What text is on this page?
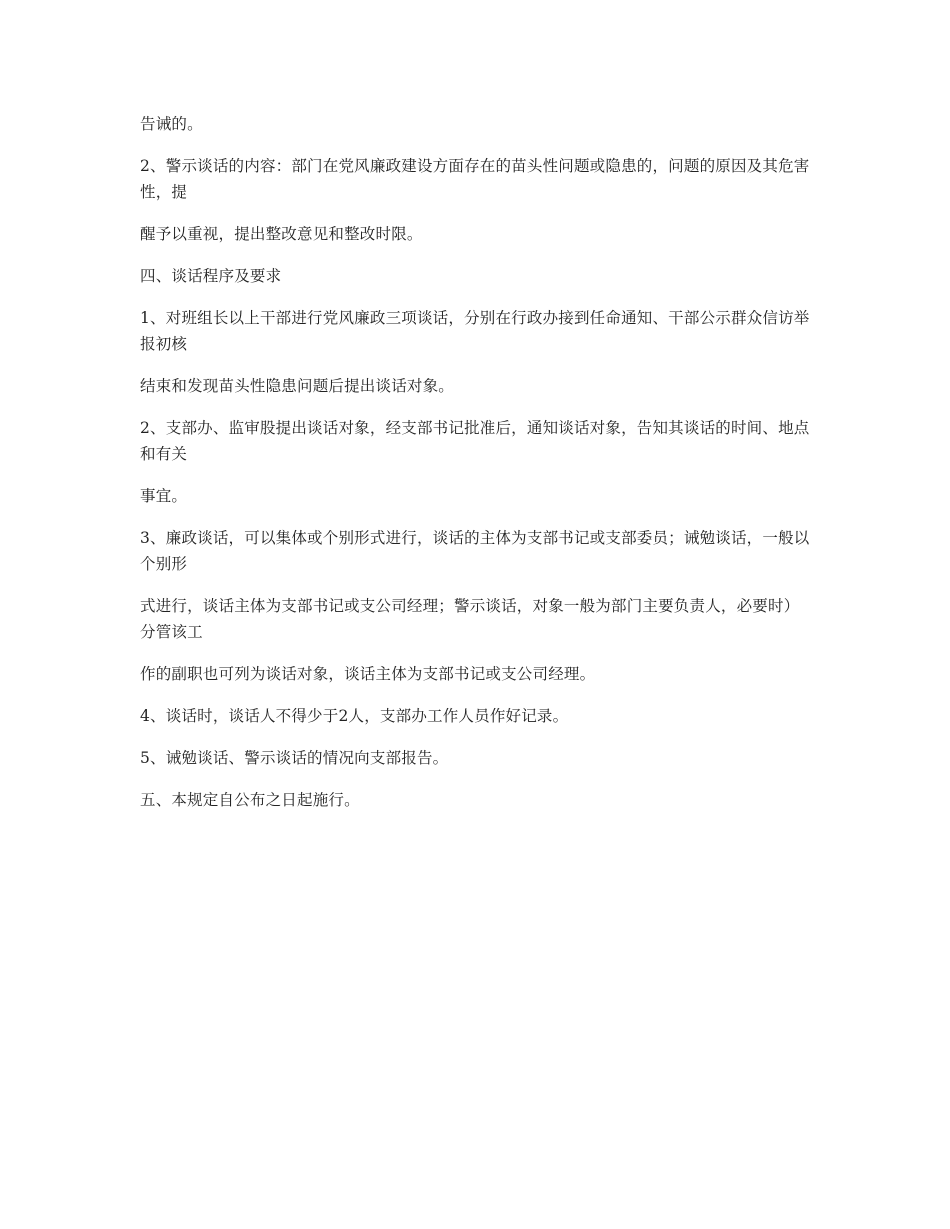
告诫的。

2、警示谈话的内容：部门在党风廉政建设方面存在的苗头性问题或隐患的，问题的原因及其危害性，提

醒予以重视，提出整改意见和整改时限。

四、谈话程序及要求

1、对班组长以上干部进行党风廉政三项谈话，分别在行政办接到任命通知、干部公示群众信访举报初核

结束和发现苗头性隐患问题后提出谈话对象。

2、支部办、监审股提出谈话对象，经支部书记批准后，通知谈话对象，告知其谈话的时间、地点和有关

事宜。

3、廉政谈话，可以集体或个别形式进行，谈话的主体为支部书记或支部委员；诫勉谈话，一般以个别形

式进行，谈话主体为支部书记或支公司经理；警示谈话，对象一般为部门主要负责人，必要时）分管该工

作的副职也可列为谈话对象，谈话主体为支部书记或支公司经理。

4、谈话时，谈话人不得少于2人，支部办工作人员作好记录。

5、诫勉谈话、警示谈话的情况向支部报告。

五、本规定自公布之日起施行。
